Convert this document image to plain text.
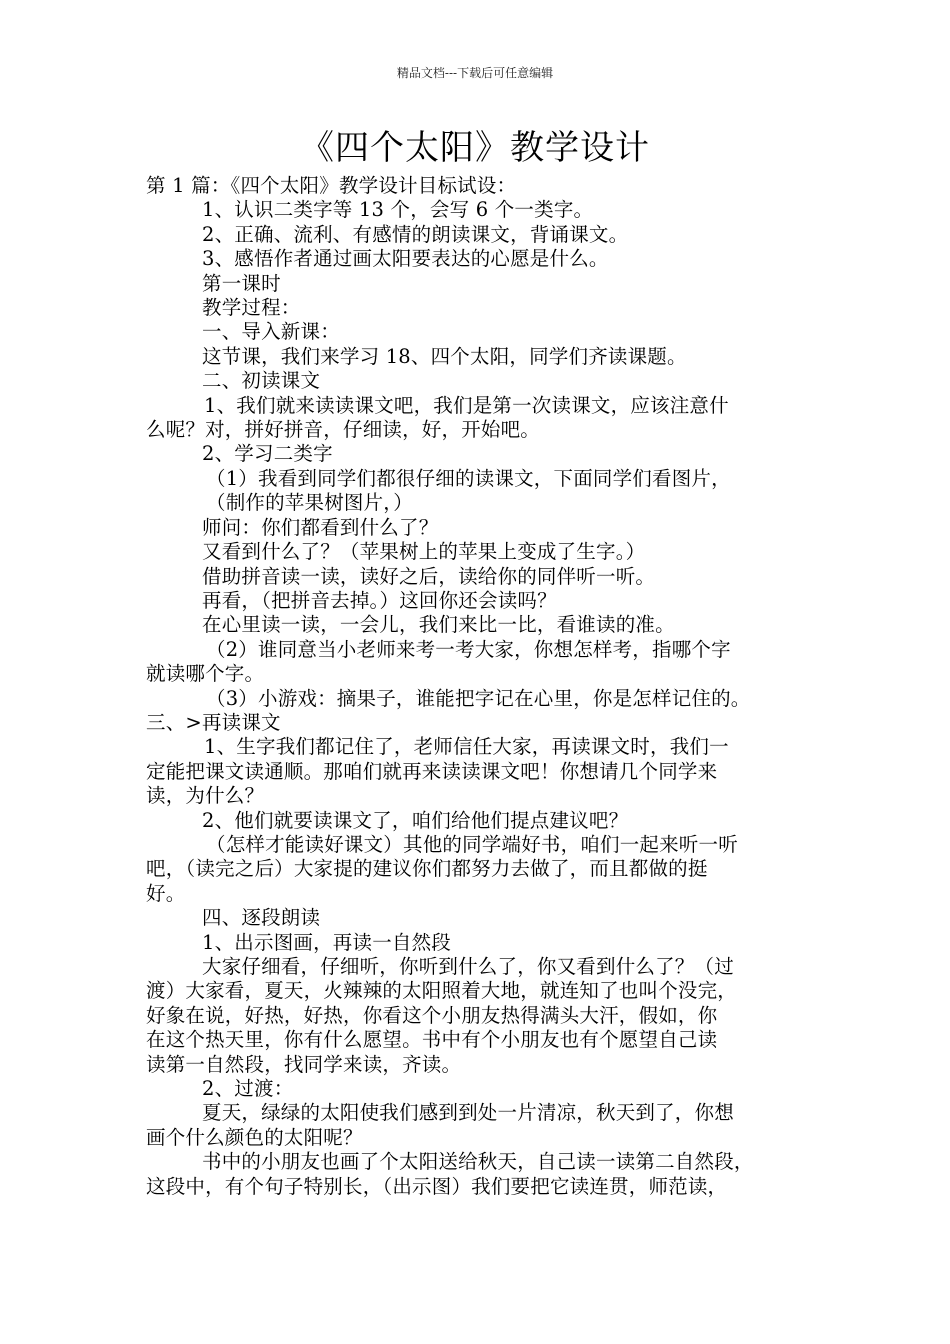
精品文档---下载后可任意编辑
《四个太阳》教学设计
第 1 篇：《四个太阳》教学设计目标试设：
1、认识二类字等 13 个，会写 6 个一类字。
2、正确、流利、有感情的朗读课文，背诵课文。
3、感悟作者通过画太阳要表达的心愿是什么。
第一课时
教学过程：
一、导入新课：
这节课，我们来学习 18、四个太阳，同学们齐读课题。
二、初读课文
1、我们就来读读课文吧，我们是第一次读课文，应该注意什
么呢？对，拼好拼音，仔细读，好，开始吧。
2、学习二类字
（1）我看到同学们都很仔细的读课文，下面同学们看图片，
（制作的苹果树图片，）
师问：你们都看到什么了？
又看到什么了？（苹果树上的苹果上变成了生字。）
借助拼音读一读，读好之后，读给你的同伴听一听。
再看，（把拼音去掉。）这回你还会读吗？
在心里读一读，一会儿，我们来比一比，看谁读的准。
（2）谁同意当小老师来考一考大家，你想怎样考，指哪个字
就读哪个字。
（3）小游戏：摘果子，谁能把字记在心里，你是怎样记住的。
三、>再读课文
1、生字我们都记住了，老师信任大家，再读课文时，我们一
定能把课文读通顺。那咱们就再来读读课文吧！你想请几个同学来
读，为什么？
2、他们就要读课文了，咱们给他们提点建议吧？
（怎样才能读好课文）其他的同学端好书，咱们一起来听一听
吧，（读完之后）大家提的建议你们都努力去做了，而且都做的挺
好。
四、逐段朗读
1、出示图画，再读一自然段
大家仔细看，仔细听，你听到什么了，你又看到什么了？（过
渡）大家看，夏天，火辣辣的太阳照着大地，就连知了也叫个没完，
好象在说，好热，好热，你看这个小朋友热得满头大汗，假如，你
在这个热天里，你有什么愿望。书中有个小朋友也有个愿望自己读
读第一自然段，找同学来读，齐读。
2、过渡：
夏天，绿绿的太阳使我们感到到处一片清凉，秋天到了，你想
画个什么颜色的太阳呢？
书中的小朋友也画了个太阳送给秋天，自己读一读第二自然段，
这段中，有个句子特别长，（出示图）我们要把它读连贯，师范读，
